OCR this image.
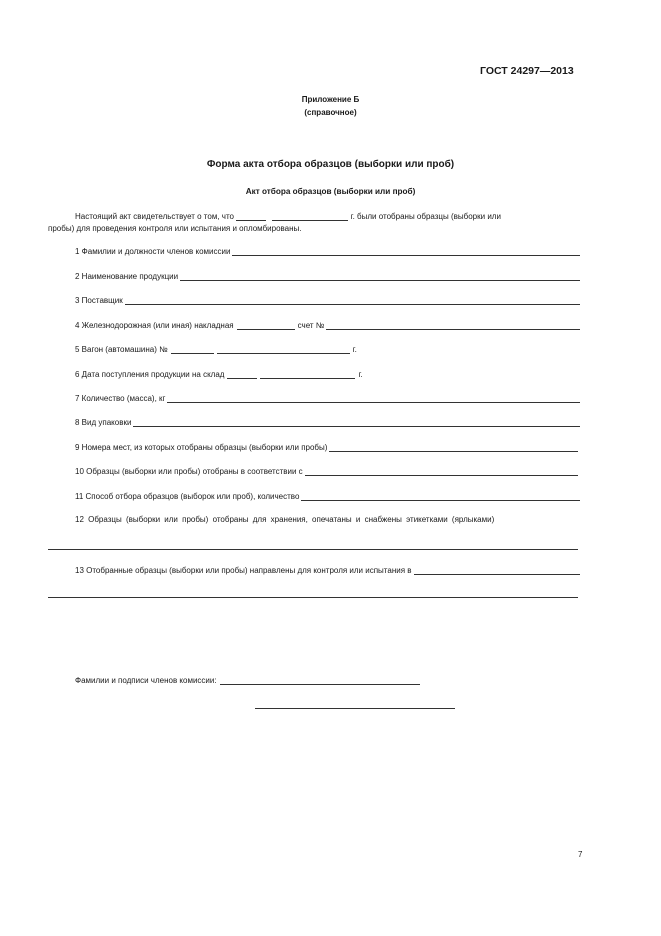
ГОСТ 24297—2013
Приложение Б
(справочное)
Форма акта отбора образцов (выборки или проб)
Акт отбора образцов (выборки или проб)
Настоящий акт свидетельствует о том, что	г. были отобраны образцы (выборки или
пробы) для проведения контроля или испытания и опломбированы.
1 Фамилии и должности членов комиссии
2 Наименование продукции
3 Поставщик
4 Железнодорожная (или иная) накладная	счет №
5 Вагон (автомашина) №	г.
6 Дата поступления продукции на склад	г.
7 Количество (масса), кг
8 Вид упаковки
9 Номера мест, из которых отобраны образцы (выборки или пробы)
10 Образцы (выборки или пробы) отобраны в соответствии с
11 Способ отбора образцов (выборок или проб), количество
12 Образцы (выборки или пробы) отобраны для хранения, опечатаны и снабжены этикетками (ярлыками)
13 Отобранные образцы (выборки или пробы) направлены для контроля или испытания в
Фамилии и подписи членов комиссии:
7
